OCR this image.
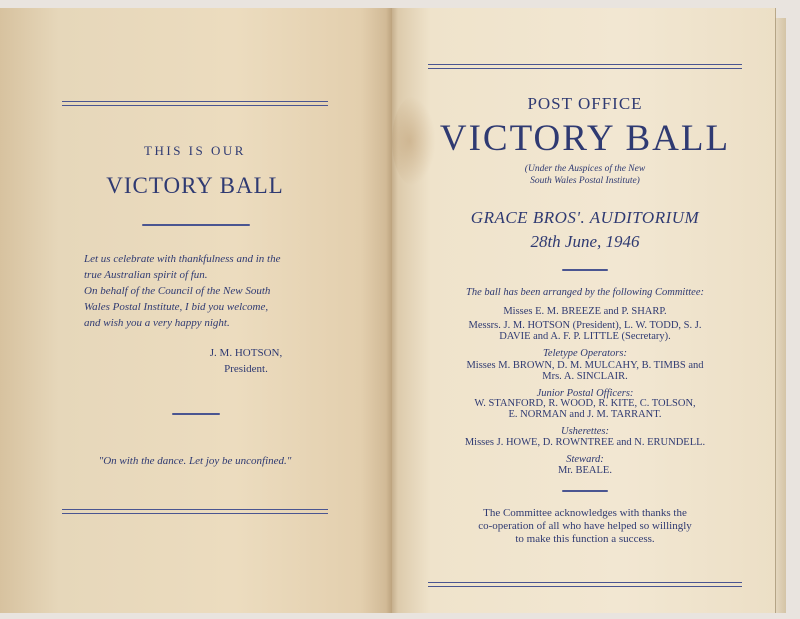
THIS IS OUR
VICTORY BALL
Let us celebrate with thankfulness and in the
true Australian spirit of fun.
On behalf of the Council of the New South
Wales Postal Institute, I bid you welcome,
and wish you a very happy night.
J. M. HOTSON,
President.
"On with the dance. Let joy be unconfined."
POST OFFICE
VICTORY BALL
(Under the Auspices of the New
South Wales Postal Institute)
GRACE BROS'. AUDITORIUM
28th June, 1946
The ball has been arranged by the following Committee:
Misses E. M. BREEZE and P. SHARP.
Messrs. J. M. HOTSON (President), L. W. TODD, S. J.
DAVIE and A. F. P. LITTLE (Secretary).
Teletype Operators:
Misses M. BROWN, D. M. MULCAHY, B. TIMBS and
Mrs. A. SINCLAIR.
Junior Postal Officers:
W. STANFORD, R. WOOD, R. KITE, C. TOLSON,
E. NORMAN and J. M. TARRANT.
Usherettes:
Misses J. HOWE, D. ROWNTREE and N. ERUNDELL.
Steward:
Mr. BEALE.
The Committee acknowledges with thanks the
co-operation of all who have helped so willingly
to make this function a success.
